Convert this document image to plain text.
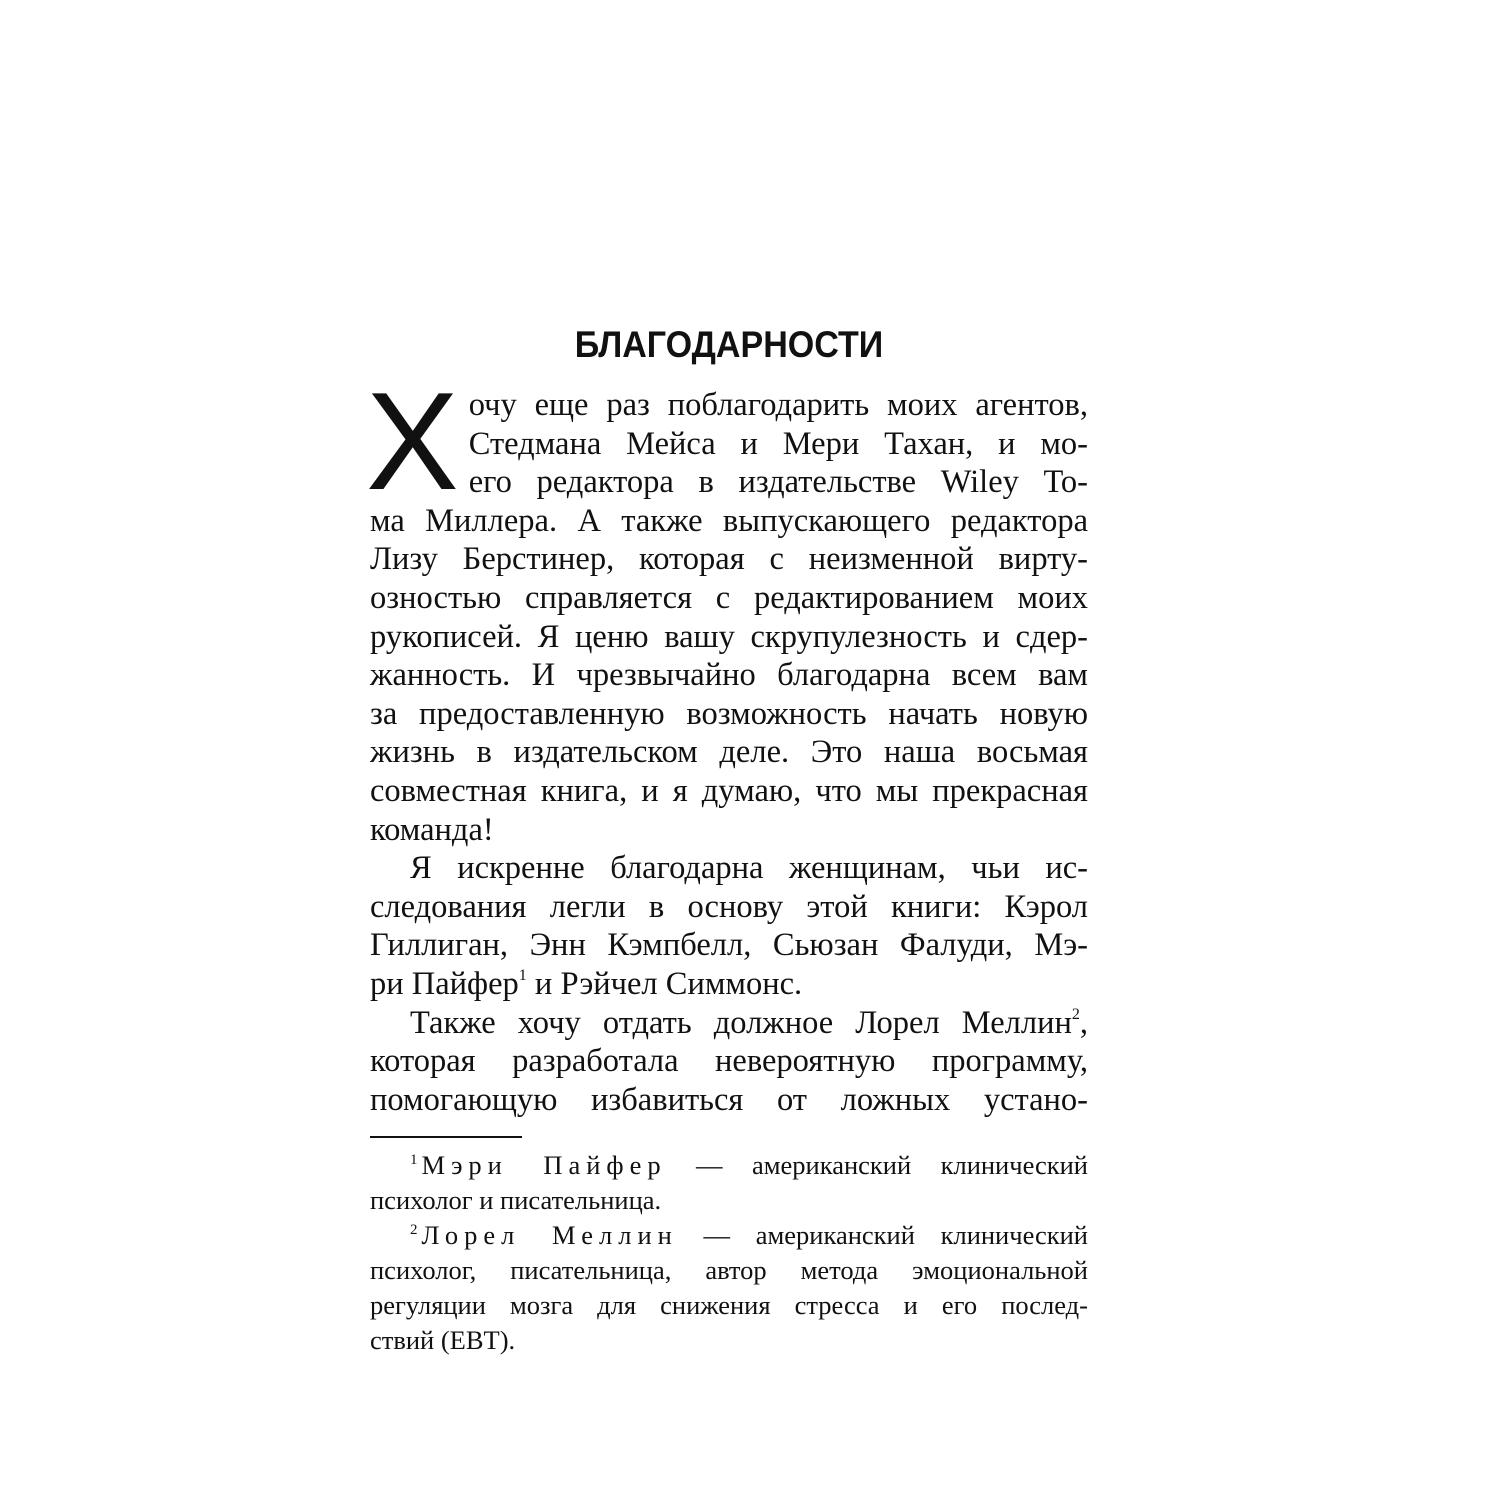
БЛАГОДАРНОСТИ

Х очу еще раз поблагодарить моих агентов,
Стедмана Мейса и Мери Тахан, и мо-
его редактора в издательстве Wiley То-
ма Миллера. А также выпускающего редактора
Лизу Берстинер, которая с неизменной вирту-
озностью справляется с редактированием моих
рукописей. Я ценю вашу скрупулезность и сдер-
жанность. И чрезвычайно благодарна всем вам
за предоставленную возможность начать новую
жизнь в издательском деле. Это наша восьмая
совместная книга, и я думаю, что мы прекрасная
команда!

Я искренне благодарна женщинам, чьи ис-
следования легли в основу этой книги: Кэрол
Гиллиган, Энн Кэмпбелл, Сьюзан Фалуди, Мэ-
ри Пайфер$^1$ и Рэйчел Симмонс.

Также хочу отдать должное Лорел Меллин$^2$,
которая разработала невероятную программу,
помогающую избавиться от ложных устано-

$^1$ Мэри Пайфер — американский клинический
психолог и писательница.

$^2$ Лорел Меллин — американский клинический
психолог, писательница, автор метода эмоциональной
регуляции мозга для снижения стресса и его послед-
ствий (EBT).
